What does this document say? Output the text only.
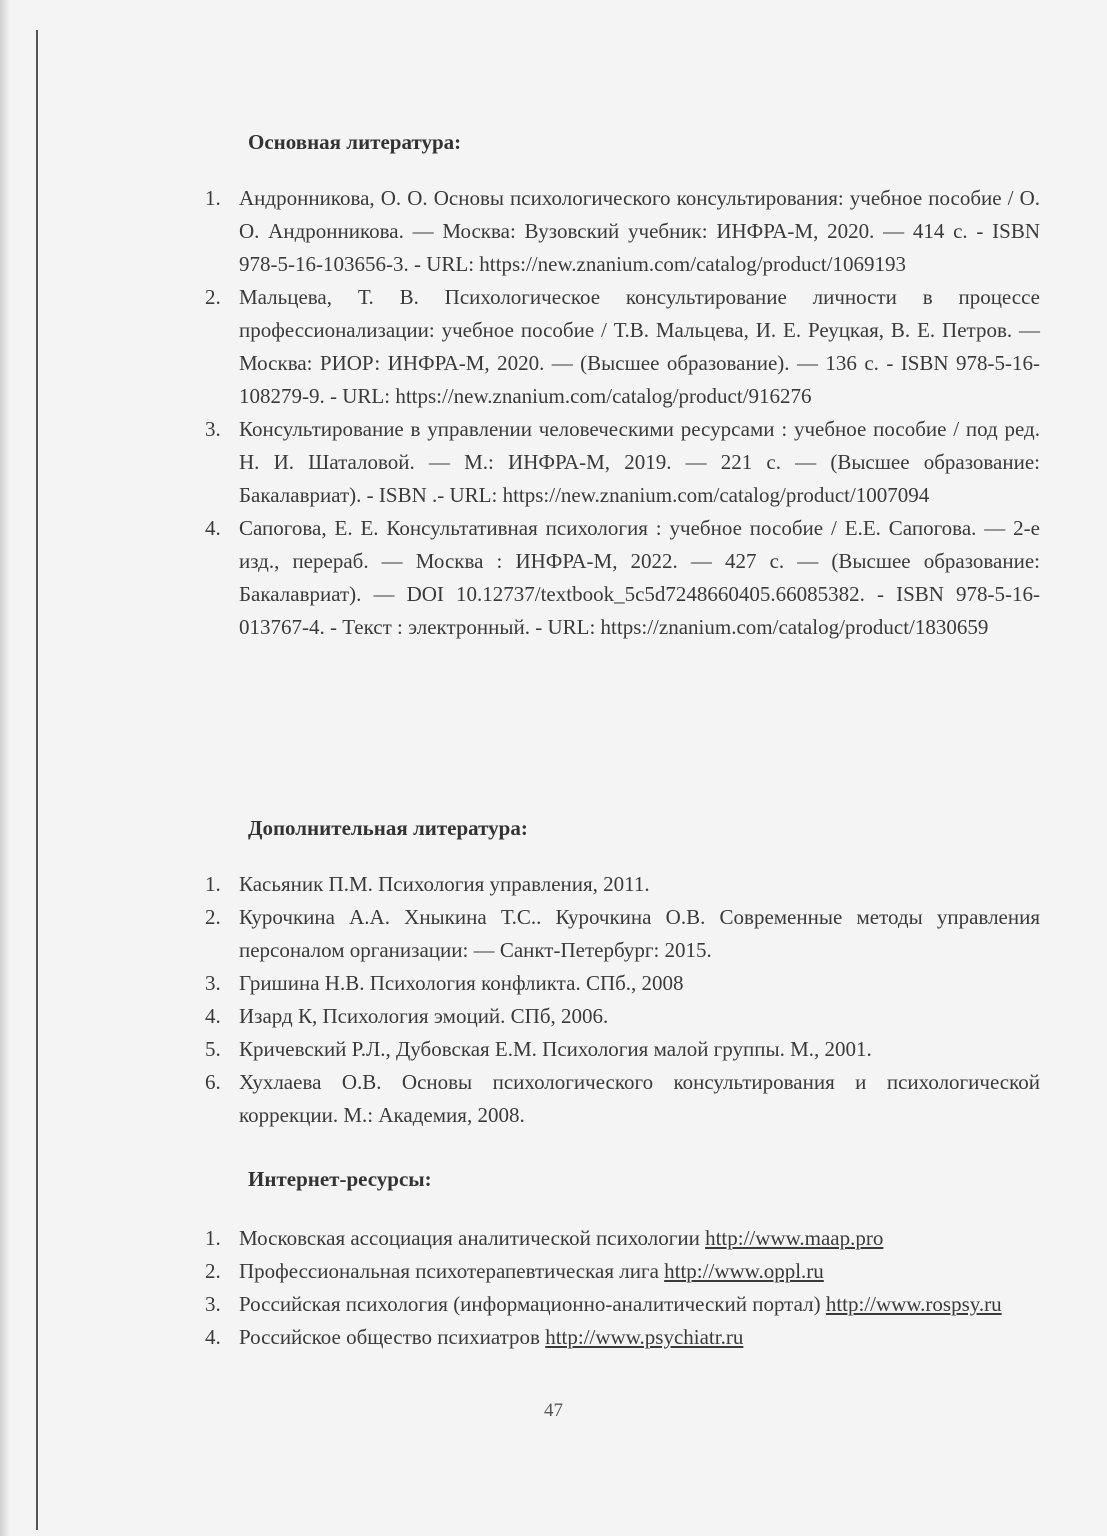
Основная литература:
1. Андронникова, О. О. Основы психологического консультирования: учебное пособие / О. О. Андронникова. — Москва: Вузовский учебник: ИНФРА-М, 2020. — 414 с. - ISBN 978-5-16-103656-3. - URL: https://new.znanium.com/catalog/product/1069193
2. Мальцева, Т. В. Психологическое консультирование личности в процессе профессионализации: учебное пособие / Т.В. Мальцева, И. Е. Реуцкая, В. Е. Петров. — Москва: РИОР: ИНФРА-М, 2020. — (Высшее образование). — 136 с. - ISBN 978-5-16- 108279-9. - URL: https://new.znanium.com/catalog/product/916276
3. Консультирование в управлении человеческими ресурсами : учебное пособие / под ред. Н. И. Шаталовой. — М.: ИНФРА-М, 2019. — 221 с. — (Высшее образование: Бакалавриат). - ISBN .- URL: https://new.znanium.com/catalog/product/1007094
4. Сапогова, Е. Е. Консультативная психология : учебное пособие / Е.Е. Сапогова. — 2-е изд., перераб. — Москва : ИНФРА-М, 2022. — 427 с. — (Высшее образование: Бакалавриат). — DOI 10.12737/textbook_5c5d7248660405.66085382. - ISBN 978-5-16- 013767-4. - Текст : электронный. - URL: https://znanium.com/catalog/product/1830659
Дополнительная литература:
1. Касьяник П.М. Психология управления, 2011.
2. Курочкина А.А. Хныкина Т.С.. Курочкина О.В. Современные методы управления персоналом организации: — Санкт-Петербург: 2015.
3. Гришина Н.В. Психология конфликта. СПб., 2008
4. Изард К, Психология эмоций. СПб, 2006.
5. Кричевский Р.Л., Дубовская Е.М. Психология малой группы. М., 2001.
6. Хухлаева О.В. Основы психологического консультирования и психологической коррекции. М.: Академия, 2008.
Интернет-ресурсы:
1. Московская ассоциация аналитической психологии http://www.maap.pro
2. Профессиональная психотерапевтическая лига http://www.oppl.ru
3. Российская психология (информационно-аналитический портал) http://www.rospsy.ru
4. Российское общество психиатров http://www.psychiatr.ru
47
